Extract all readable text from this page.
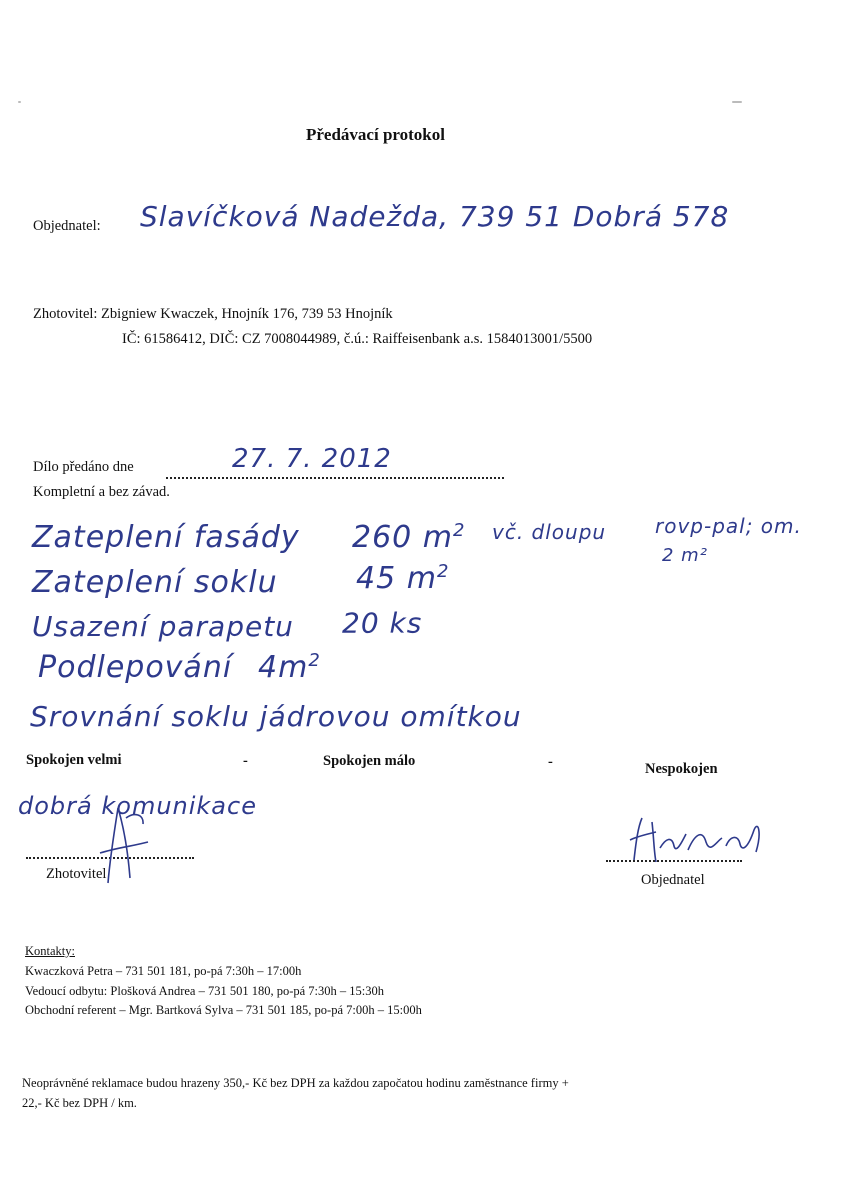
Předávací protokol
Objednatel: Slavíčková Nadežda, 739 51 Dobrá 578
Zhotovitel: Zbigniew Kwaczek, Hnojník 176, 739 53 Hnojník
IČ: 61586412, DIČ: CZ 7008044989, č.ú.: Raiffeisenbank a.s. 1584013001/5500
Dílo předáno dne	27. 7. 2012
Kompletní a bez závad.
Zateplení fasády 260 $m^2$ vč. dloupu rovp-pal; om.
2 m²
Zateplení soklu	45 $m^2$
Usazení parapetu 20 ks
Podlepování $4m^2$
Srovnání soklu jádrovou omítkou
Spokojen velmi	-	Spokojen málo	-	Nespokojen
dobrá komunikace
Zhotovitel	Objednatel
Kontakty:
Kwaczková Petra – 731 501 181, po-pá 7:30h – 17:00h
Vedoucí odbytu: Plošková Andrea – 731 501 180, po-pá 7:30h – 15:30h
Obchodní referent – Mgr. Bartková Sylva – 731 501 185, po-pá 7:00h – 15:00h
Neoprávněné reklamace budou hrazeny 350,- Kč bez DPH za každou započatou hodinu zaměstnance firmy +
22,- Kč bez DPH / km.
